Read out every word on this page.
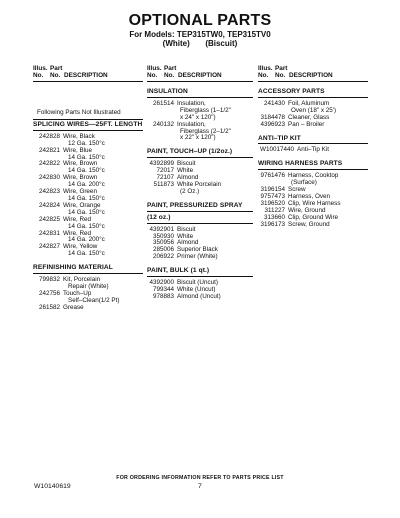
OPTIONAL PARTS
For Models: TEP315TW0, TEP315TV0
(White)       (Biscuit)
Illus.
No.
Part
No. DESCRIPTION
Following Parts Not Illustrated
SPLICING WIRES—25FT. LENGTH
242828 Wire, Black
12 Ga. 150°c
242821 Wire, Blue
14 Ga. 150°c
242822 Wire, Brown
14 Ga. 150°c
242830 Wire, Brown
14 Ga. 200°c
242823 Wire, Green
14 Ga. 150°c
242824 Wire, Orange
14 Ga. 150°c
242825 Wire, Red
14 Ga. 150°c
242831 Wire, Red
14 Ga. 200°c
242827 Wire, Yellow
14 Ga. 150°c
REFINISHING MATERIAL
799832 Kit, Porcelain
Repair (White)
242756 Touch–Up
Self–Clean(1/2 Pt)
261582 Grease
Illus.
No.
Part
No. DESCRIPTION
INSULATION
261514 Insulation,
Fiberglass (1–1/2"
x 24" x 120")
240132 Insulation,
Fiberglass (2–1/2"
x 22" x 120")
PAINT, TOUCH–UP (1/2oz.)
4392899 Biscuit
72017 White
72107 Almond
511873 White Porcelain
(2 Oz.)
PAINT, PRESSURIZED SPRAY
(12 oz.)
4392901 Biscuit
350930 White
350956 Almond
285006 Superior Black
206922 Primer (White)
PAINT, BULK (1 qt.)
4392900 Biscuit (Uncut)
799344 White (Uncut)
978883 Almond (Uncut)
Illus.
No.
Part
No. DESCRIPTION
ACCESSORY PARTS
241430 Foil, Aluminum
Oven (18" x 25')
3184478 Cleaner, Glass
4396923 Pan – Broiler
ANTI–TIP KIT
W10017440 Anti–Tip Kit
WIRING HARNESS PARTS
9761476 Harness, Cooktop
(Surface)
3196154 Screw
9757473 Harness, Oven
3196520 Clip, Wire Harness
311227 Wire, Ground
313660 Clip, Ground Wire
3196173 Screw, Ground
FOR ORDERING INFORMATION REFER TO PARTS PRICE LIST
W10140619	7
